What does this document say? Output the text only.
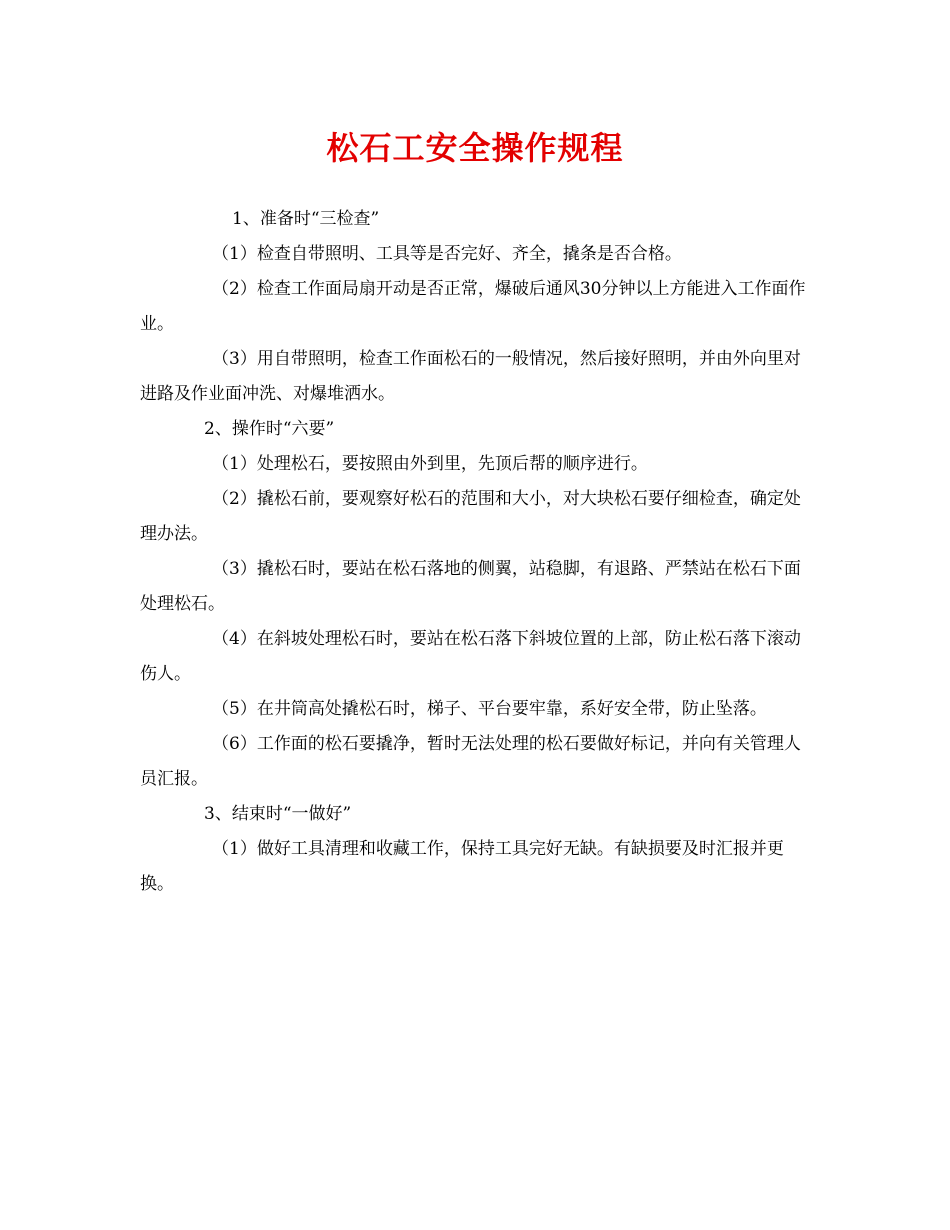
松石工安全操作规程

1、准备时“三检查”

（1）检查自带照明、工具等是否完好、齐全，撬条是否合格。

（2）检查工作面局扇开动是否正常，爆破后通风30分钟以上方能进入工作面作业。

（3）用自带照明，检查工作面松石的一般情况，然后接好照明，并由外向里对进路及作业面冲洗、对爆堆洒水。

2、操作时“六要”

（1）处理松石，要按照由外到里，先顶后帮的顺序进行。

（2）撬松石前，要观察好松石的范围和大小，对大块松石要仔细检查，确定处理办法。

（3）撬松石时，要站在松石落地的侧翼，站稳脚，有退路、严禁站在松石下面处理松石。

（4）在斜坡处理松石时，要站在松石落下斜坡位置的上部，防止松石落下滚动伤人。

（5）在井筒高处撬松石时，梯子、平台要牢靠，系好安全带，防止坠落。

（6）工作面的松石要撬净，暂时无法处理的松石要做好标记，并向有关管理人员汇报。

3、结束时“一做好”

（1）做好工具清理和收藏工作，保持工具完好无缺。有缺损要及时汇报并更换。
